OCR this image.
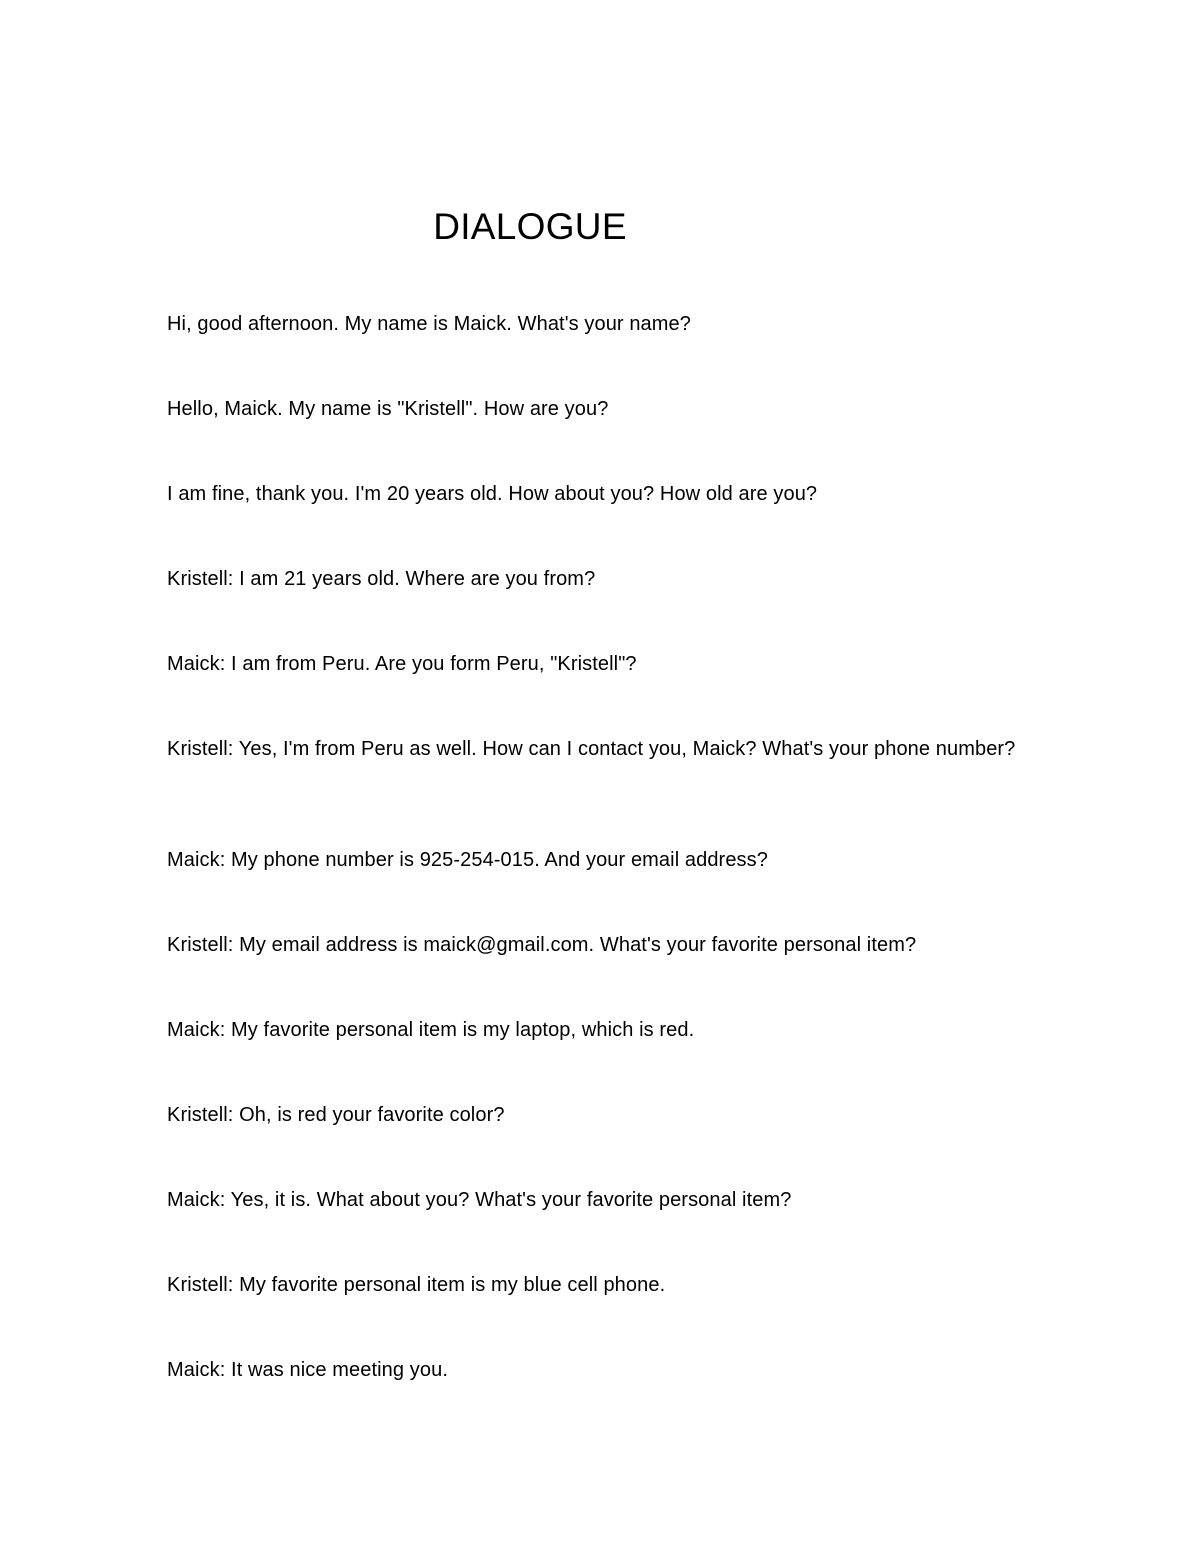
DIALOGUE

Hi, good afternoon. My name is Maick. What's your name?

Hello, Maick. My name is "Kristell". How are you?

I am fine, thank you. I'm 20 years old. How about you? How old are you?

Kristell: I am 21 years old. Where are you from?

Maick: I am from Peru. Are you form Peru, "Kristell"?

Kristell: Yes, I'm from Peru as well. How can I contact you, Maick? What's your phone number?

Maick: My phone number is 925-254-015. And your email address?

Kristell: My email address is maick@gmail.com. What's your favorite personal item?

Maick: My favorite personal item is my laptop, which is red.

Kristell: Oh, is red your favorite color?

Maick: Yes, it is. What about you? What's your favorite personal item?

Kristell: My favorite personal item is my blue cell phone.

Maick: It was nice meeting you.
